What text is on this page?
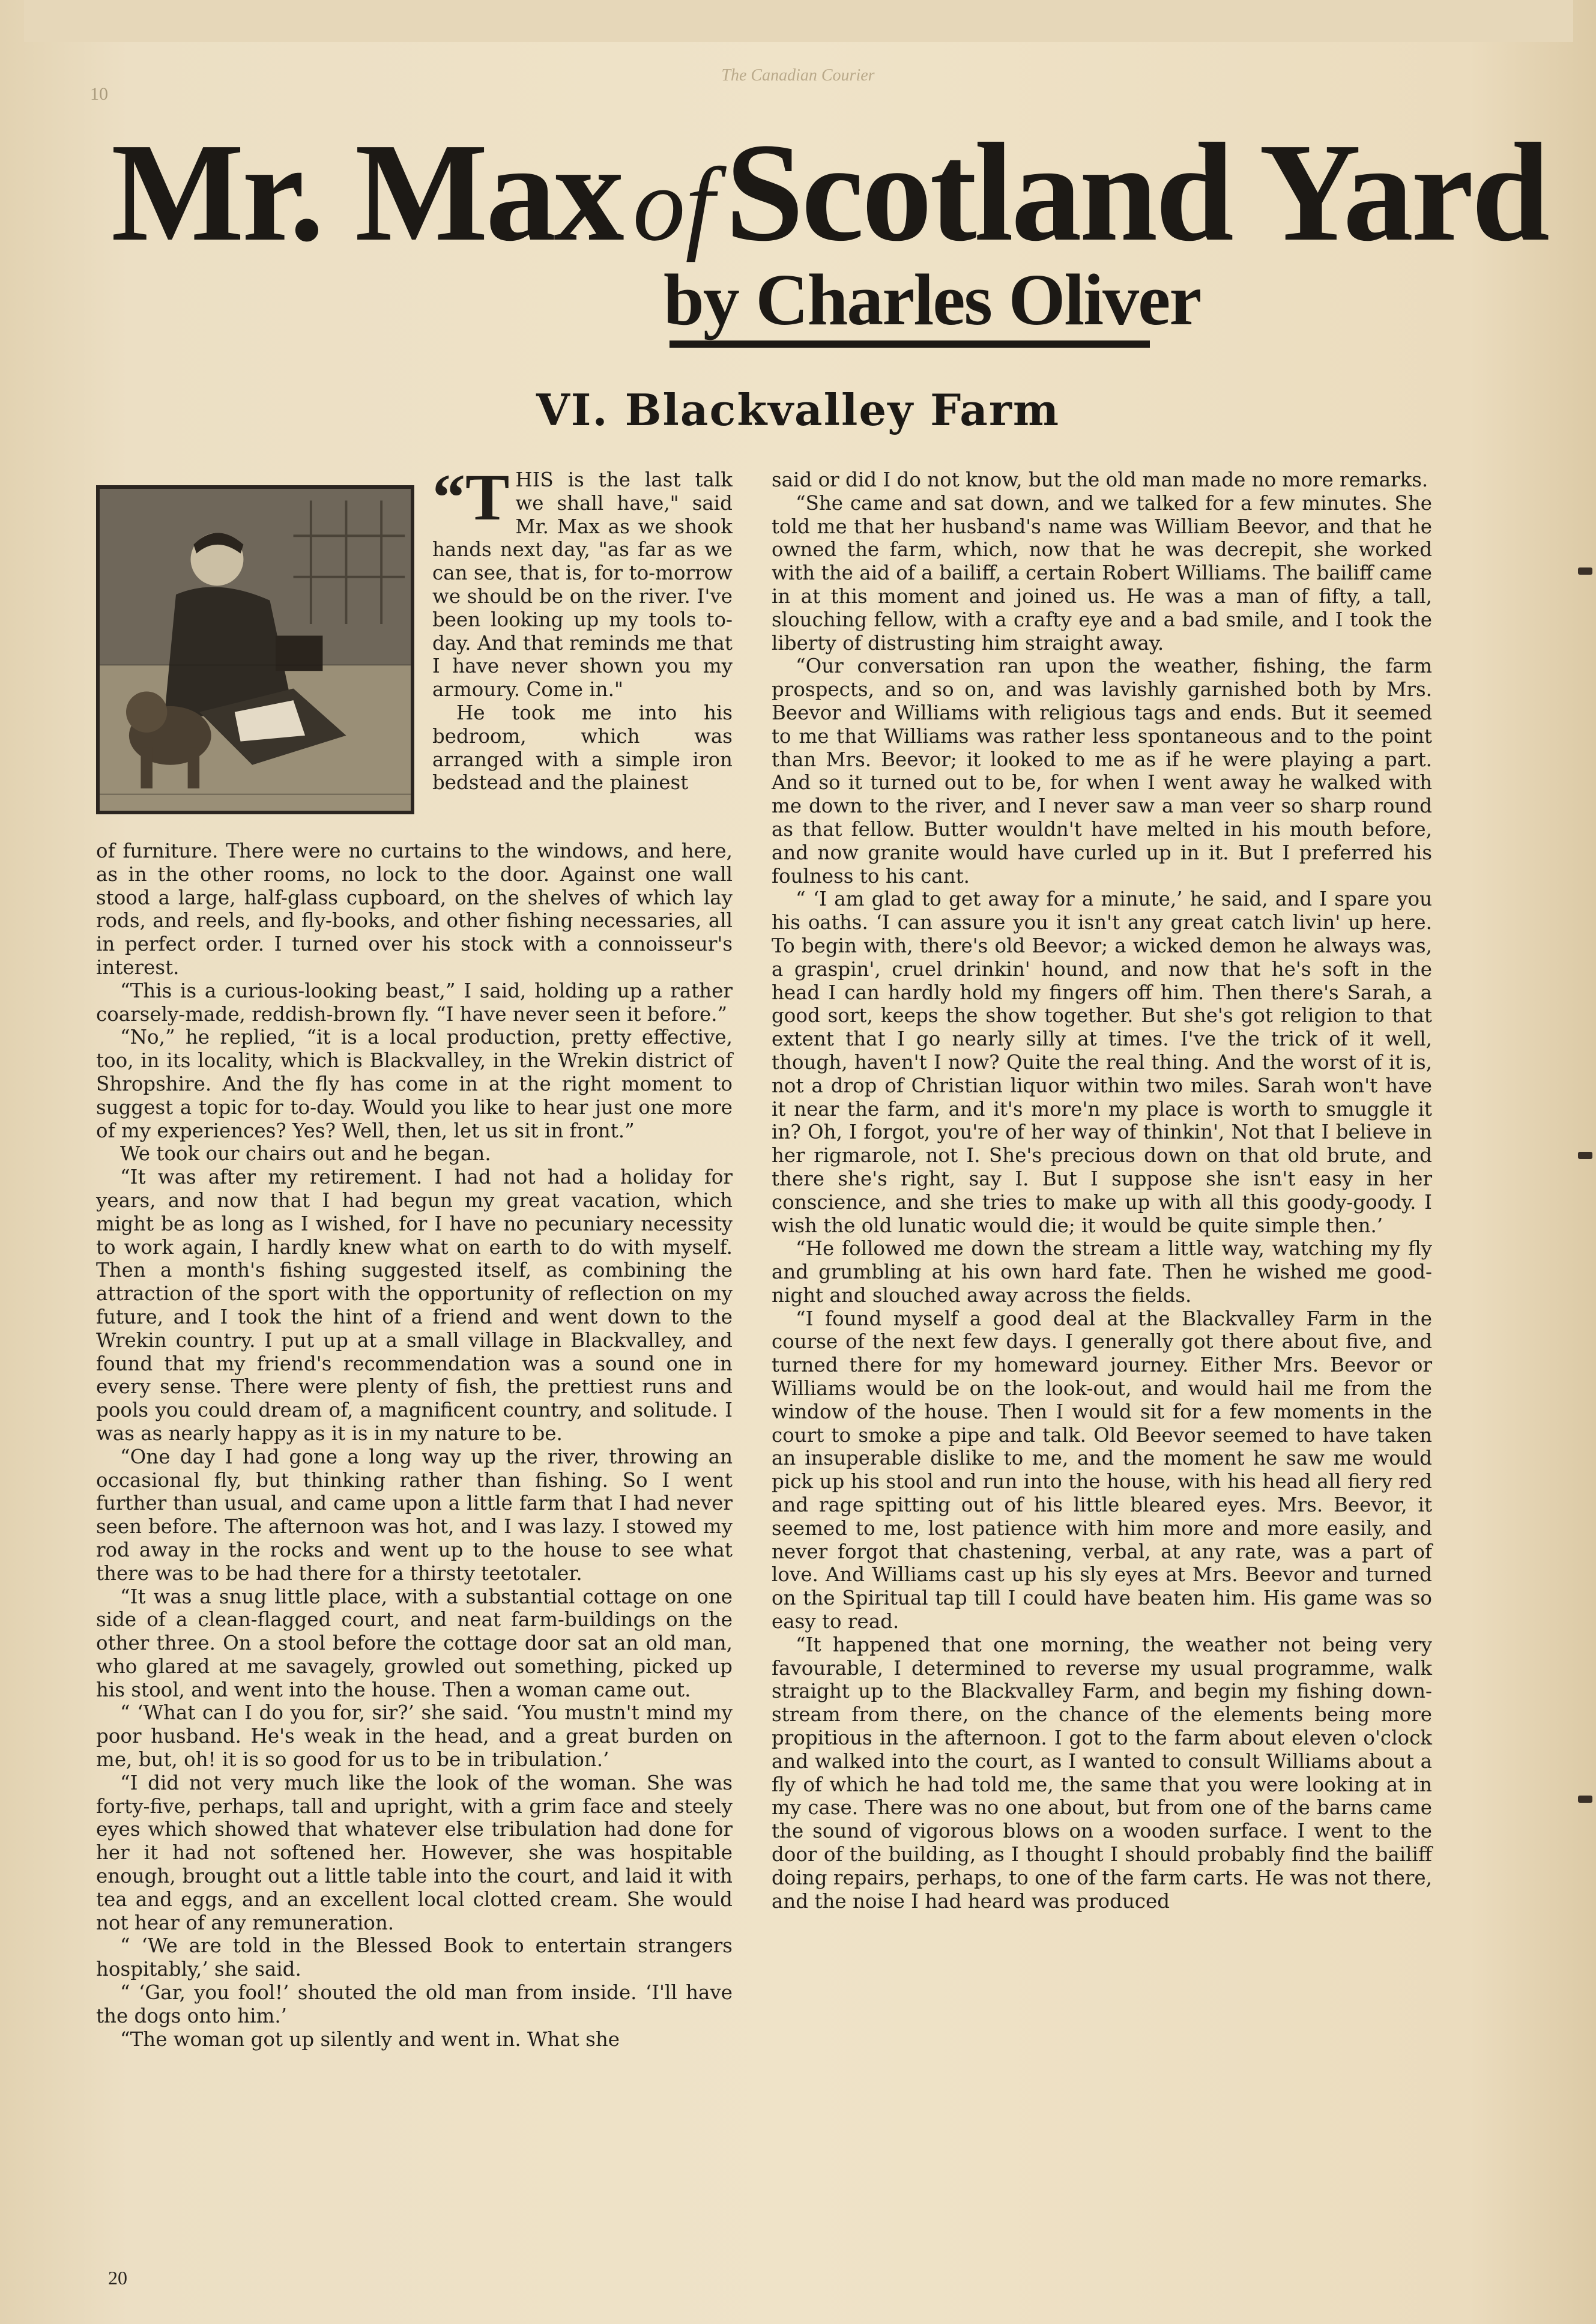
The Canadian Courier
10
Mr. Max ofScotland Yard
by Charles Oliver
VI. Blackvalley Farm

“THIS is the last talk we shall have," said Mr. Max as we shook hands next day, "as far as we can see, that is, for to-morrow we should be on the river. I've been looking up my tools to-day. And that reminds me that I have never shown you my armoury. Come in."

He took me into his bedroom, which was arranged with a simple iron bedstead and the plainest

of furniture. There were no curtains to the windows, and here, as in the other rooms, no lock to the door. Against one wall stood a large, half-glass cupboard, on the shelves of which lay rods, and reels, and fly-books, and other fishing necessaries, all in perfect order. I turned over his stock with a connoisseur's interest.

“This is a curious-looking beast,” I said, holding up a rather coarsely-made, reddish-brown fly. “I have never seen it before.”

“No,” he replied, “it is a local production, pretty effective, too, in its locality, which is Blackvalley, in the Wrekin district of Shropshire. And the fly has come in at the right moment to suggest a topic for to-day. Would you like to hear just one more of my experiences? Yes? Well, then, let us sit in front.”

We took our chairs out and he began.

“It was after my retirement. I had not had a holiday for years, and now that I had begun my great vacation, which might be as long as I wished, for I have no pecuniary necessity to work again, I hardly knew what on earth to do with myself. Then a month's fishing suggested itself, as combining the attraction of the sport with the opportunity of reflection on my future, and I took the hint of a friend and went down to the Wrekin country. I put up at a small village in Blackvalley, and found that my friend's recommendation was a sound one in every sense. There were plenty of fish, the prettiest runs and pools you could dream of, a magnificent country, and solitude. I was as nearly happy as it is in my nature to be.

“One day I had gone a long way up the river, throwing an occasional fly, but thinking rather than fishing. So I went further than usual, and came upon a little farm that I had never seen before. The afternoon was hot, and I was lazy. I stowed my rod away in the rocks and went up to the house to see what there was to be had there for a thirsty teetotaler.

“It was a snug little place, with a substantial cottage on one side of a clean-flagged court, and neat farm-buildings on the other three. On a stool before the cottage door sat an old man, who glared at me savagely, growled out something, picked up his stool, and went into the house. Then a woman came out.

“ ‘What can I do you for, sir?’ she said. ‘You mustn't mind my poor husband. He's weak in the head, and a great burden on me, but, oh! it is so good for us to be in tribulation.’

“I did not very much like the look of the woman. She was forty-five, perhaps, tall and upright, with a grim face and steely eyes which showed that whatever else tribulation had done for her it had not softened her. However, she was hospitable enough, brought out a little table into the court, and laid it with tea and eggs, and an excellent local clotted cream. She would not hear of any remuneration.

“ ‘We are told in the Blessed Book to entertain strangers hospitably,’ she said.

“ ‘Gar, you fool!’ shouted the old man from inside. ‘I'll have the dogs onto him.’

“The woman got up silently and went in. What she

said or did I do not know, but the old man made no more remarks.

“She came and sat down, and we talked for a few minutes. She told me that her husband's name was William Beevor, and that he owned the farm, which, now that he was decrepit, she worked with the aid of a bailiff, a certain Robert Williams. The bailiff came in at this moment and joined us. He was a man of fifty, a tall, slouching fellow, with a crafty eye and a bad smile, and I took the liberty of distrusting him straight away.

“Our conversation ran upon the weather, fishing, the farm prospects, and so on, and was lavishly garnished both by Mrs. Beevor and Williams with religious tags and ends. But it seemed to me that Williams was rather less spontaneous and to the point than Mrs. Beevor; it looked to me as if he were playing a part. And so it turned out to be, for when I went away he walked with me down to the river, and I never saw a man veer so sharp round as that fellow. Butter wouldn't have melted in his mouth before, and now granite would have curled up in it. But I preferred his foulness to his cant.

“ ‘I am glad to get away for a minute,’ he said, and I spare you his oaths. ‘I can assure you it isn't any great catch livin' up here. To begin with, there's old Beevor; a wicked demon he always was, a graspin', cruel drinkin' hound, and now that he's soft in the head I can hardly hold my fingers off him. Then there's Sarah, a good sort, keeps the show together. But she's got religion to that extent that I go nearly silly at times. I've the trick of it well, though, haven't I now? Quite the real thing. And the worst of it is, not a drop of Christian liquor within two miles. Sarah won't have it near the farm, and it's more'n my place is worth to smuggle it in? Oh, I forgot, you're of her way of thinkin', Not that I believe in her rigmarole, not I. She's precious down on that old brute, and there she's right, say I. But I suppose she isn't easy in her conscience, and she tries to make up with all this goody-goody. I wish the old lunatic would die; it would be quite simple then.’

“He followed me down the stream a little way, watching my fly and grumbling at his own hard fate. Then he wished me good-night and slouched away across the fields.

“I found myself a good deal at the Blackvalley Farm in the course of the next few days. I generally got there about five, and turned there for my homeward journey. Either Mrs. Beevor or Williams would be on the look-out, and would hail me from the window of the house. Then I would sit for a few moments in the court to smoke a pipe and talk. Old Beevor seemed to have taken an insuperable dislike to me, and the moment he saw me would pick up his stool and run into the house, with his head all fiery red and rage spitting out of his little bleared eyes. Mrs. Beevor, it seemed to me, lost patience with him more and more easily, and never forgot that chastening, verbal, at any rate, was a part of love. And Williams cast up his sly eyes at Mrs. Beevor and turned on the Spiritual tap till I could have beaten him. His game was so easy to read.

“It happened that one morning, the weather not being very favourable, I determined to reverse my usual programme, walk straight up to the Blackvalley Farm, and begin my fishing down-stream from there, on the chance of the elements being more propitious in the afternoon. I got to the farm about eleven o'clock and walked into the court, as I wanted to consult Williams about a fly of which he had told me, the same that you were looking at in my case. There was no one about, but from one of the barns came the sound of vigorous blows on a wooden surface. I went to the door of the building, as I thought I should probably find the bailiff doing repairs, perhaps, to one of the farm carts. He was not there, and the noise I had heard was produced

20
